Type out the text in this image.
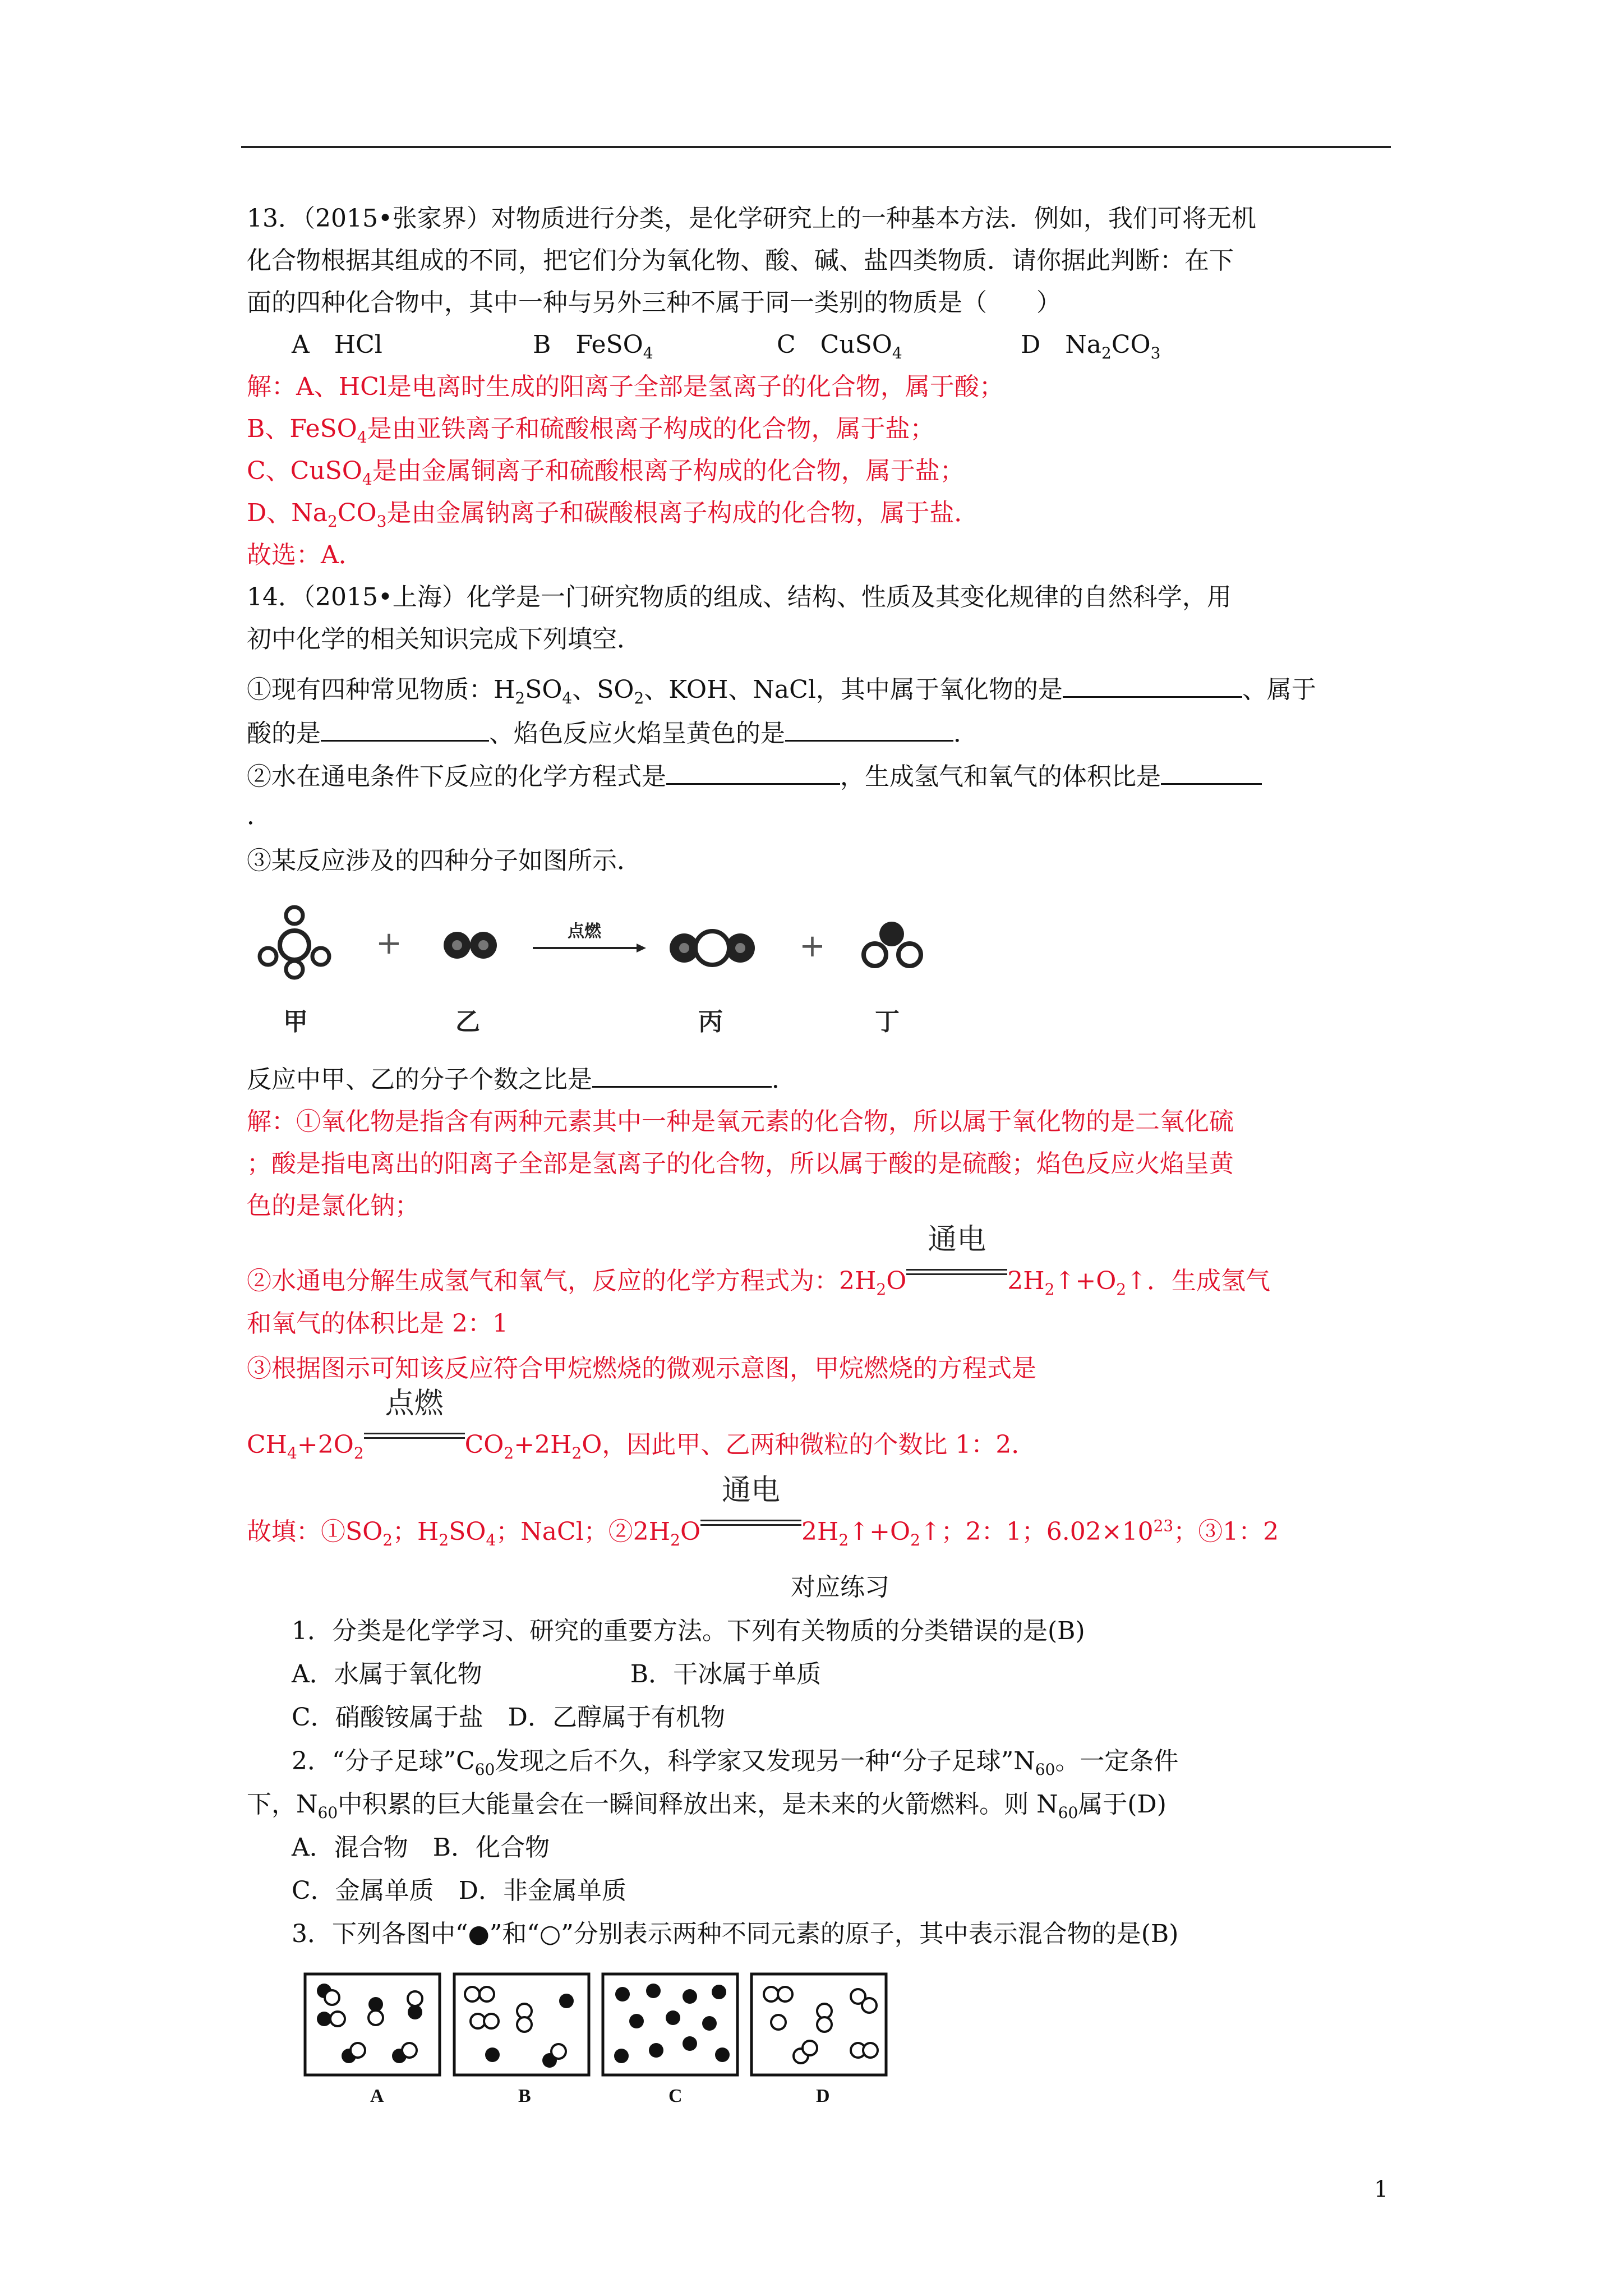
13．（2015•张家界）对物质进行分类，是化学研究上的一种基本方法．例如，我们可将无机
化合物根据其组成的不同，把它们分为氧化物、酸、碱、盐四类物质．请你据此判断：在下
面的四种化合物中，其中一种与另外三种不属于同一类别的物质是（　　）
A　HCl	B　FeSO$_4$	C　CuSO$_4$	D　$Na_2CO_3$
解：A、HCl是电离时生成的阳离子全部是氢离子的化合物，属于酸；
B、FeSO$_4$是由亚铁离子和硫酸根离子构成的化合物，属于盐；
C、CuSO$_4$是由金属铜离子和硫酸根离子构成的化合物，属于盐；
D、$Na_2CO_3$是由金属钠离子和碳酸根离子构成的化合物，属于盐．
故选：A．
14．（2015•上海）化学是一门研究物质的组成、结构、性质及其变化规律的自然科学，用
初中化学的相关知识完成下列填空．
①现有四种常见物质：$H_2SO_4$、$SO_2$、KOH、NaCl，其中属于氧化物的是	、属于
酸的是	、焰色反应火焰呈黄色的是	．
②水在通电条件下反应的化学方程式是	，生成氢气和氧气的体积比是
．
③某反应涉及的四种分子如图所示．
+	点燃	+
甲	乙	丙	丁
反应中甲、乙的分子个数之比是	．
解：①氧化物是指含有两种元素其中一种是氧元素的化合物，所以属于氧化物的是二氧化硫
；酸是指电离出的阳离子全部是氢离子的化合物，所以属于酸的是硫酸；焰色反应火焰呈黄
色的是氯化钠；
②水通电分解生成氢气和氧气，反应的化学方程式为：$2H_2O$
通电
$2H_2↑+O_2↑$．生成氢气
和氧气的体积比是 2：1
③根据图示可知该反应符合甲烷燃烧的微观示意图，甲烷燃烧的方程式是
$CH_4+2O_2$
点燃
$CO_2+2H_2O$，因此甲、乙两种微粒的个数比 1：2．
故填：$①SO_2$；$H_2SO_4$；NaCl；$②2H_2O$
通电
$2H_2↑+O_2↑$；2：1；$6.02\times 10^{23}$；③1：2
对应练习
1．分类是化学学习、研究的重要方法。下列有关物质的分类错误的是(B)
A．水属于氧化物　　　　　　B．干冰属于单质
C．硝酸铵属于盐　D．乙醇属于有机物
2．“分子足球$”C_{60}$发现之后不久，科学家又发现另一种“分子足球$”N_{60}$。一定条件
下，$N_{60}$中积累的巨大能量会在一瞬间释放出来，是未来的火箭燃料。则 $N_{60}$属于(D)
A．混合物　B．化合物
C．金属单质　D．非金属单质
3．下列各图中“●”和“○”分别表示两种不同元素的原子，其中表示混合物的是(B)
A	B	C	D
1
